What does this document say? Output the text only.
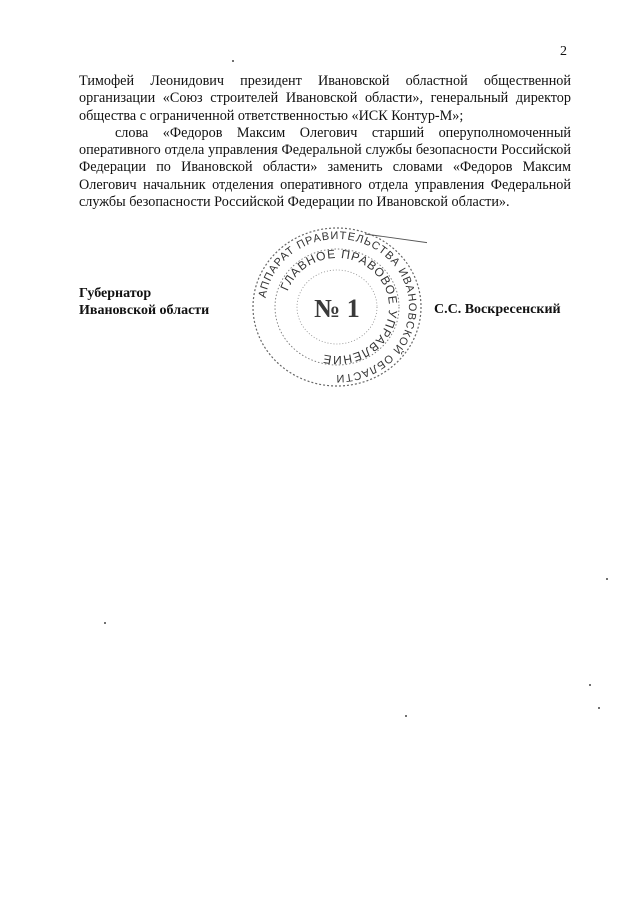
2

Тимофей Леонидович президент Ивановской областной общественной организации «Союз строителей Ивановской области», генеральный директор общества с ограниченной ответственностью «ИСК Контур-М»;

слова «Федоров Максим Олегович старший оперуполномоченный оперативного отдела управления Федеральной службы безопасности Российской Федерации по Ивановской области» заменить словами «Федоров Максим Олегович начальник отделения оперативного отдела управления Федеральной службы безопасности Российской Федерации по Ивановской области».

Губернатор
Ивановской области	С.С. Воскресенский
АППАРАТ ПРАВИТЕЛЬСТВА ИВАНОВСКОЙ ОБЛАСТИ
ГЛАВНОЕ ПРАВОВОЕ УПРАВЛЕНИЕ
№ 1
